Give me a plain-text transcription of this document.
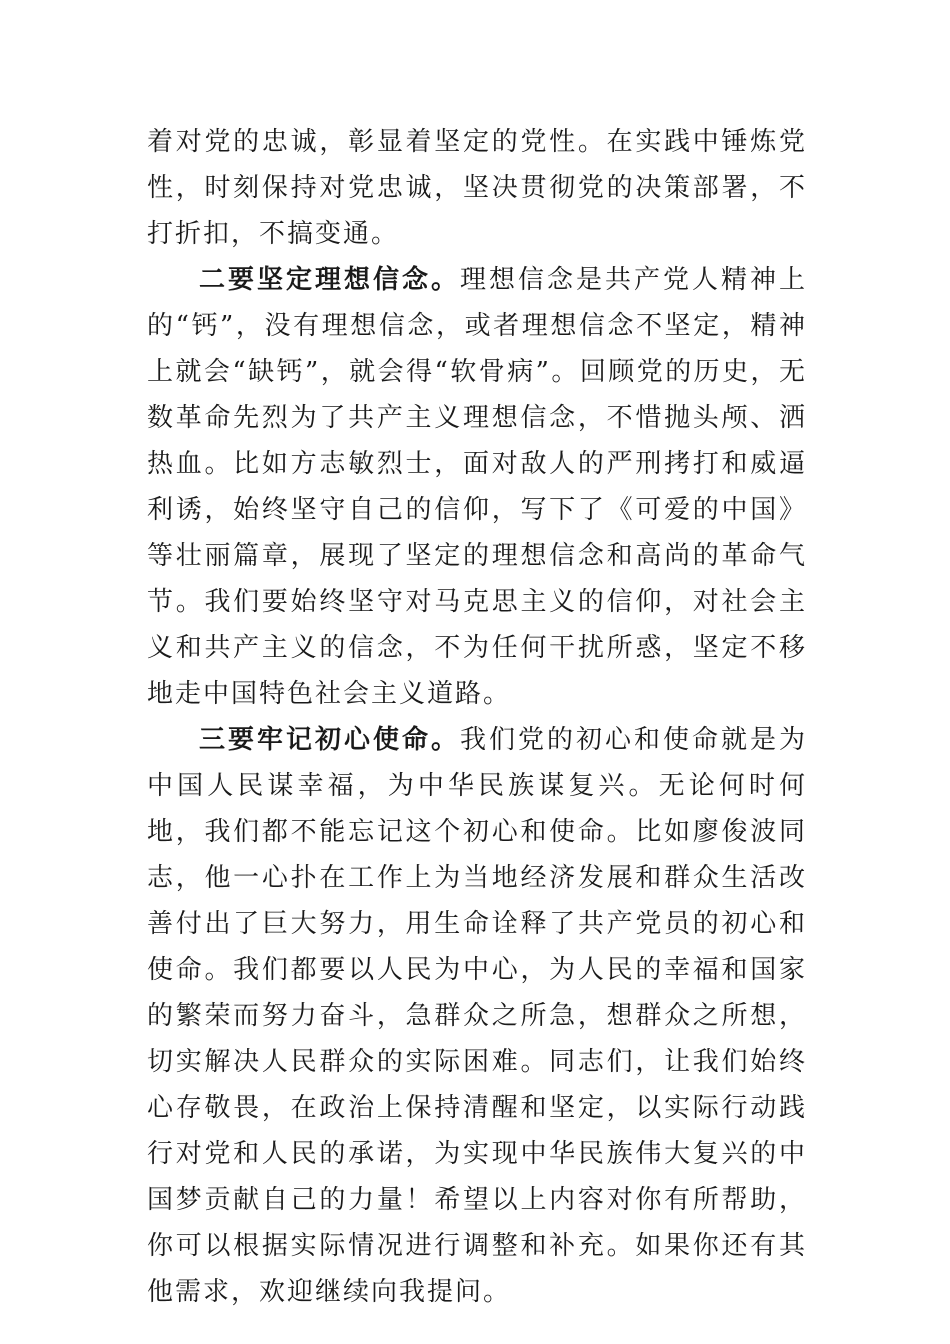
着对党的忠诚，彰显着坚定的党性。在实践中锤炼党性，时刻保持对党忠诚，坚决贯彻党的决策部署，不打折扣，不搞变通。

二要坚定理想信念。理想信念是共产党人精神上的“钙”，没有理想信念，或者理想信念不坚定，精神上就会“缺钙”，就会得“软骨病”。回顾党的历史，无数革命先烈为了共产主义理想信念，不惜抛头颅、洒热血。比如方志敏烈士，面对敌人的严刑拷打和威逼利诱，始终坚守自己的信仰，写下了《可爱的中国》等壮丽篇章，展现了坚定的理想信念和高尚的革命气节。我们要始终坚守对马克思主义的信仰，对社会主义和共产主义的信念，不为任何干扰所惑，坚定不移地走中国特色社会主义道路。

三要牢记初心使命。我们党的初心和使命就是为中国人民谋幸福，为中华民族谋复兴。无论何时何地，我们都不能忘记这个初心和使命。比如廖俊波同志，他一心扑在工作上为当地经济发展和群众生活改善付出了巨大努力，用生命诠释了共产党员的初心和使命。我们都要以人民为中心，为人民的幸福和国家的繁荣而努力奋斗，急群众之所急，想群众之所想，切实解决人民群众的实际困难。同志们，让我们始终心存敬畏，在政治上保持清醒和坚定，以实际行动践行对党和人民的承诺，为实现中华民族伟大复兴的中国梦贡献自己的力量！希望以上内容对你有所帮助，你可以根据实际情况进行调整和补充。如果你还有其他需求，欢迎继续向我提问。
